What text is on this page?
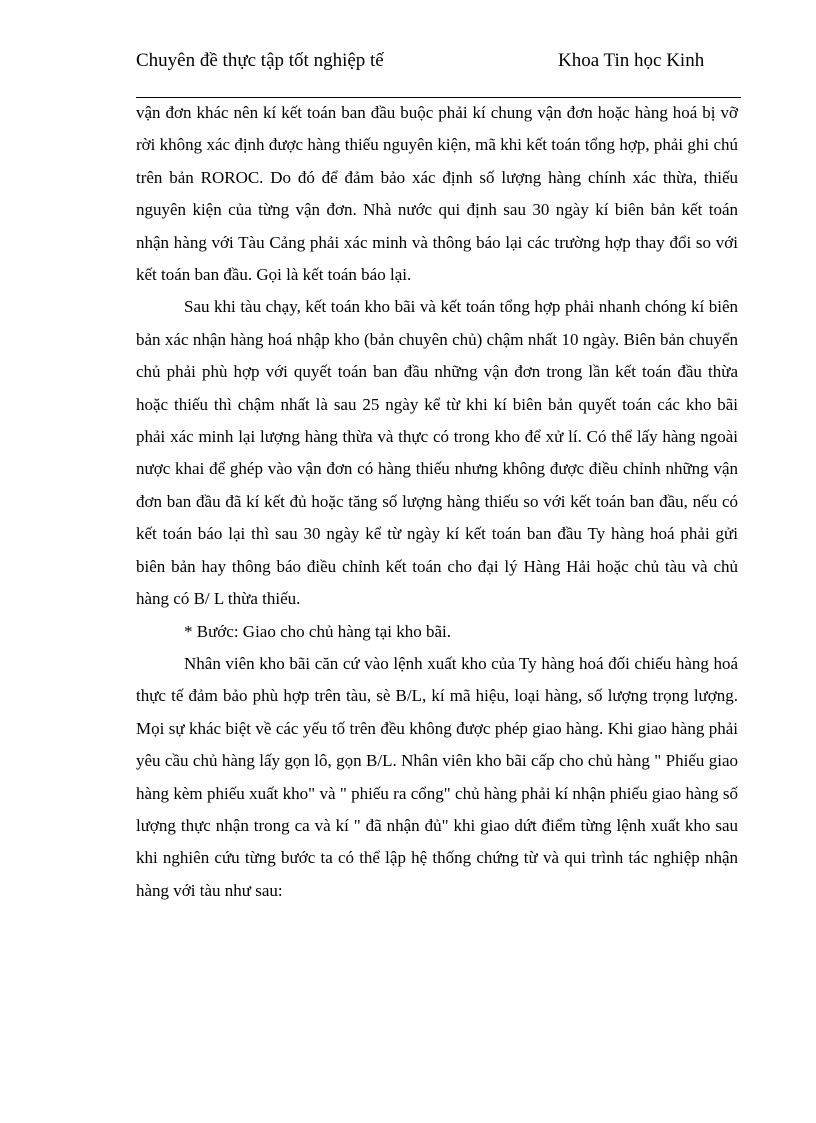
Chuyên đề thực tập tốt nghiệp tế	Khoa Tin học Kinh

vận đơn khác nên kí kết toán ban đầu buộc phải kí chung vận đơn hoặc hàng hoá bị vỡ rời không xác định được hàng thiếu nguyên kiện, mã khi kết toán tổng hợp, phải ghi chú trên bản ROROC. Do đó để đảm bảo xác định số lượng hàng chính xác thừa, thiếu nguyên kiện của từng vận đơn. Nhà nước qui định sau 30 ngày kí biên bản kết toán nhận hàng với Tàu Cảng phải xác minh và thông báo lại các trường hợp thay đổi so với kết toán ban đầu. Gọi là kết toán báo lại.

Sau khi tàu chạy, kết toán kho bãi và kết toán tổng hợp phải nhanh chóng kí biên bản xác nhận hàng hoá nhập kho (bản chuyên chủ) chậm nhất 10 ngày. Biên bản chuyển chủ phải phù hợp với quyết toán ban đầu những vận đơn trong lần kết toán đầu thừa hoặc thiếu thì chậm nhất là sau 25 ngày kể từ khi kí biên bản quyết toán các kho bãi phải xác minh lại lượng hàng thừa và thực có trong kho để xử lí. Có thể lấy hàng ngoài nược khai để ghép vào vận đơn có hàng thiếu nhưng không được điều chỉnh những vận đơn ban đầu đã kí kết đủ hoặc tăng số lượng hàng thiếu so với kết toán ban đầu, nếu có kết toán báo lại thì sau 30 ngày kể từ ngày kí kết toán ban đầu Ty hàng hoá phải gửi biên bản hay thông báo điều chỉnh kết toán cho đại lý Hàng Hải hoặc chủ tàu và chủ hàng có B/ L thừa thiếu.

* Bước: Giao cho chủ hàng tại kho bãi.

Nhân viên kho bãi căn cứ vào lệnh xuất kho của Ty hàng hoá đối chiếu hàng hoá thực tế đảm bảo phù hợp trên tàu, sè B/L, kí mã hiệu, loại hàng, số lượng trọng lượng. Mọi sự khác biệt về các yếu tố trên đều không được phép giao hàng. Khi giao hàng phải yêu cầu chủ hàng lấy gọn lô, gọn B/L. Nhân viên kho bãi cấp cho chủ hàng " Phiếu giao hàng kèm phiếu xuất kho" và " phiếu ra cổng" chủ hàng phải kí nhận phiếu giao hàng số lượng thực nhận trong ca và kí " đã nhận đủ" khi giao dứt điểm từng lệnh xuất kho sau khi nghiên cứu từng bước ta có thể lập hệ thống chứng từ và qui trình tác nghiệp nhận hàng với tàu như sau:
